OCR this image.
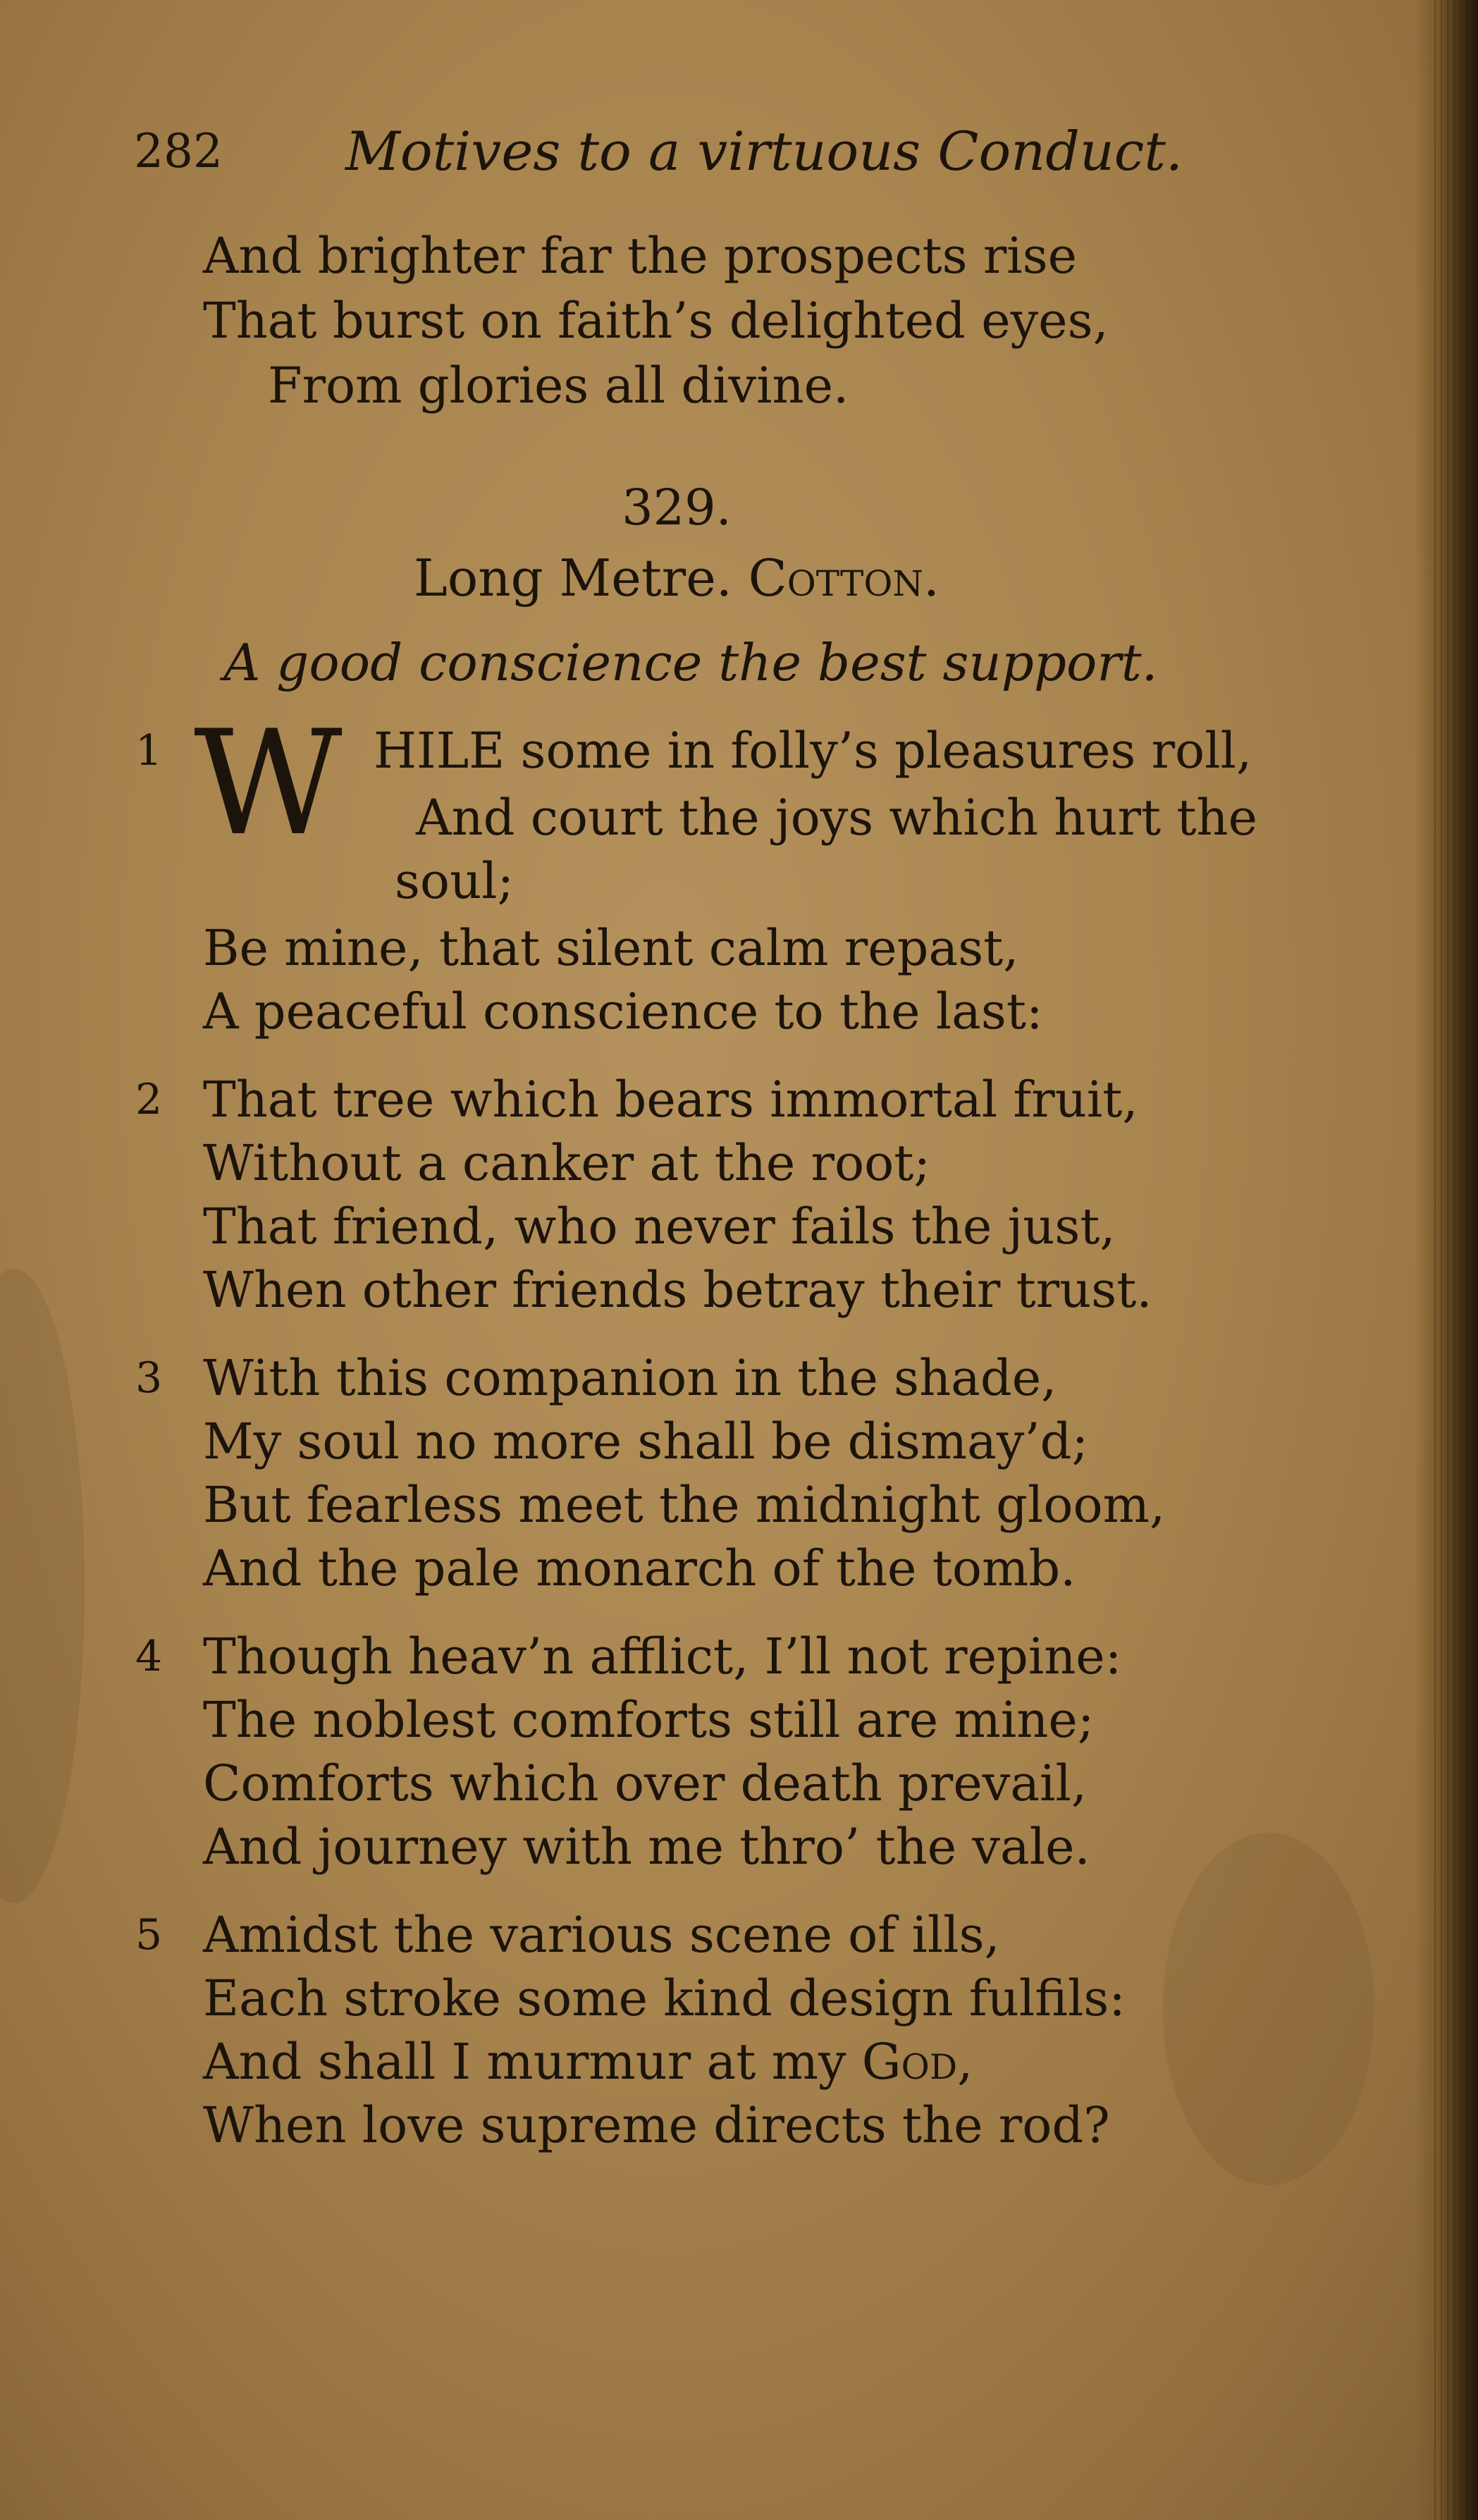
282 Motives to a virtuous Conduct.
And brighter far the prospects rise
That burst on faith’s delighted eyes,
From glories all divine.
329.
Long Metre. Cotton.
A good conscience the best support.
1 W HILE some in folly’s pleasures roll,
And court the joys which hurt the
soul;
Be mine, that silent calm repast,
A peaceful conscience to the last:
2 That tree which bears immortal fruit,
Without a canker at the root;
That friend, who never fails the just,
When other friends betray their trust.
3 With this companion in the shade,
My soul no more shall be dismay’d;
But fearless meet the midnight gloom,
And the pale monarch of the tomb.
4 Though heav’n afflict, I’ll not repine:
The noblest comforts still are mine;
Comforts which over death prevail,
And journey with me thro’ the vale.
5 Amidst the various scene of ills,
Each stroke some kind design fulfils:
And shall I murmur at my God,
When love supreme directs the rod?
